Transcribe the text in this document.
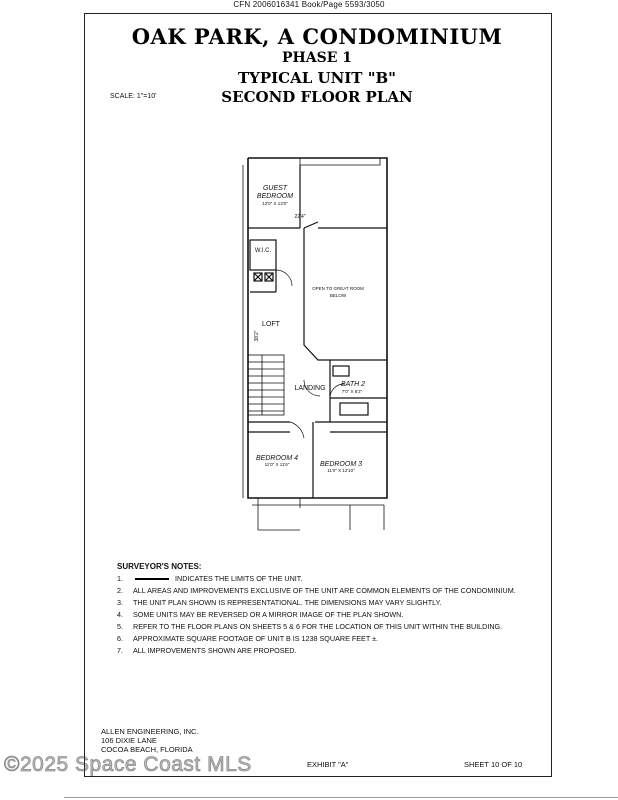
CFN 2006016341 Book/Page 5593/3050
OAK PARK, A CONDOMINIUM
PHASE 1
TYPICAL UNIT "B"
SECOND FLOOR PLAN
SCALE: 1"=10'
GUEST
BEDROOM
12'0" X 13'0"
22'4"
W.I.C.
OPEN TO GREAT ROOM
BELOW
LOFT
38'2"
LANDING
BATH 2
7'0" X 8'2"
BEDROOM 4
11'0" X 11'6"	BEDROOM 3
11'0" X 12'10"
SURVEYOR'S NOTES:
1.	INDICATES THE LIMITS OF THE UNIT.
2.	ALL AREAS AND IMPROVEMENTS EXCLUSIVE OF THE UNIT ARE COMMON ELEMENTS OF THE CONDOMINIUM.
3.	THE UNIT PLAN SHOWN IS REPRESENTATIONAL. THE DIMENSIONS MAY VARY SLIGHTLY.
4.	SOME UNITS MAY BE REVERSED OR A MIRROR IMAGE OF THE PLAN SHOWN.
5.	REFER TO THE FLOOR PLANS ON SHEETS 5 & 6 FOR THE LOCATION OF THIS UNIT WITHIN THE BUILDING.
6.	APPROXIMATE SQUARE FOOTAGE OF UNIT B IS 1238 SQUARE FEET ±.
7.	ALL IMPROVEMENTS SHOWN ARE PROPOSED.
ALLEN ENGINEERING, INC.
106 DIXIE LANE
COCOA BEACH, FLORIDA
EXHIBIT "A"	SHEET 10 OF 10
©2025 Space Coast MLS
